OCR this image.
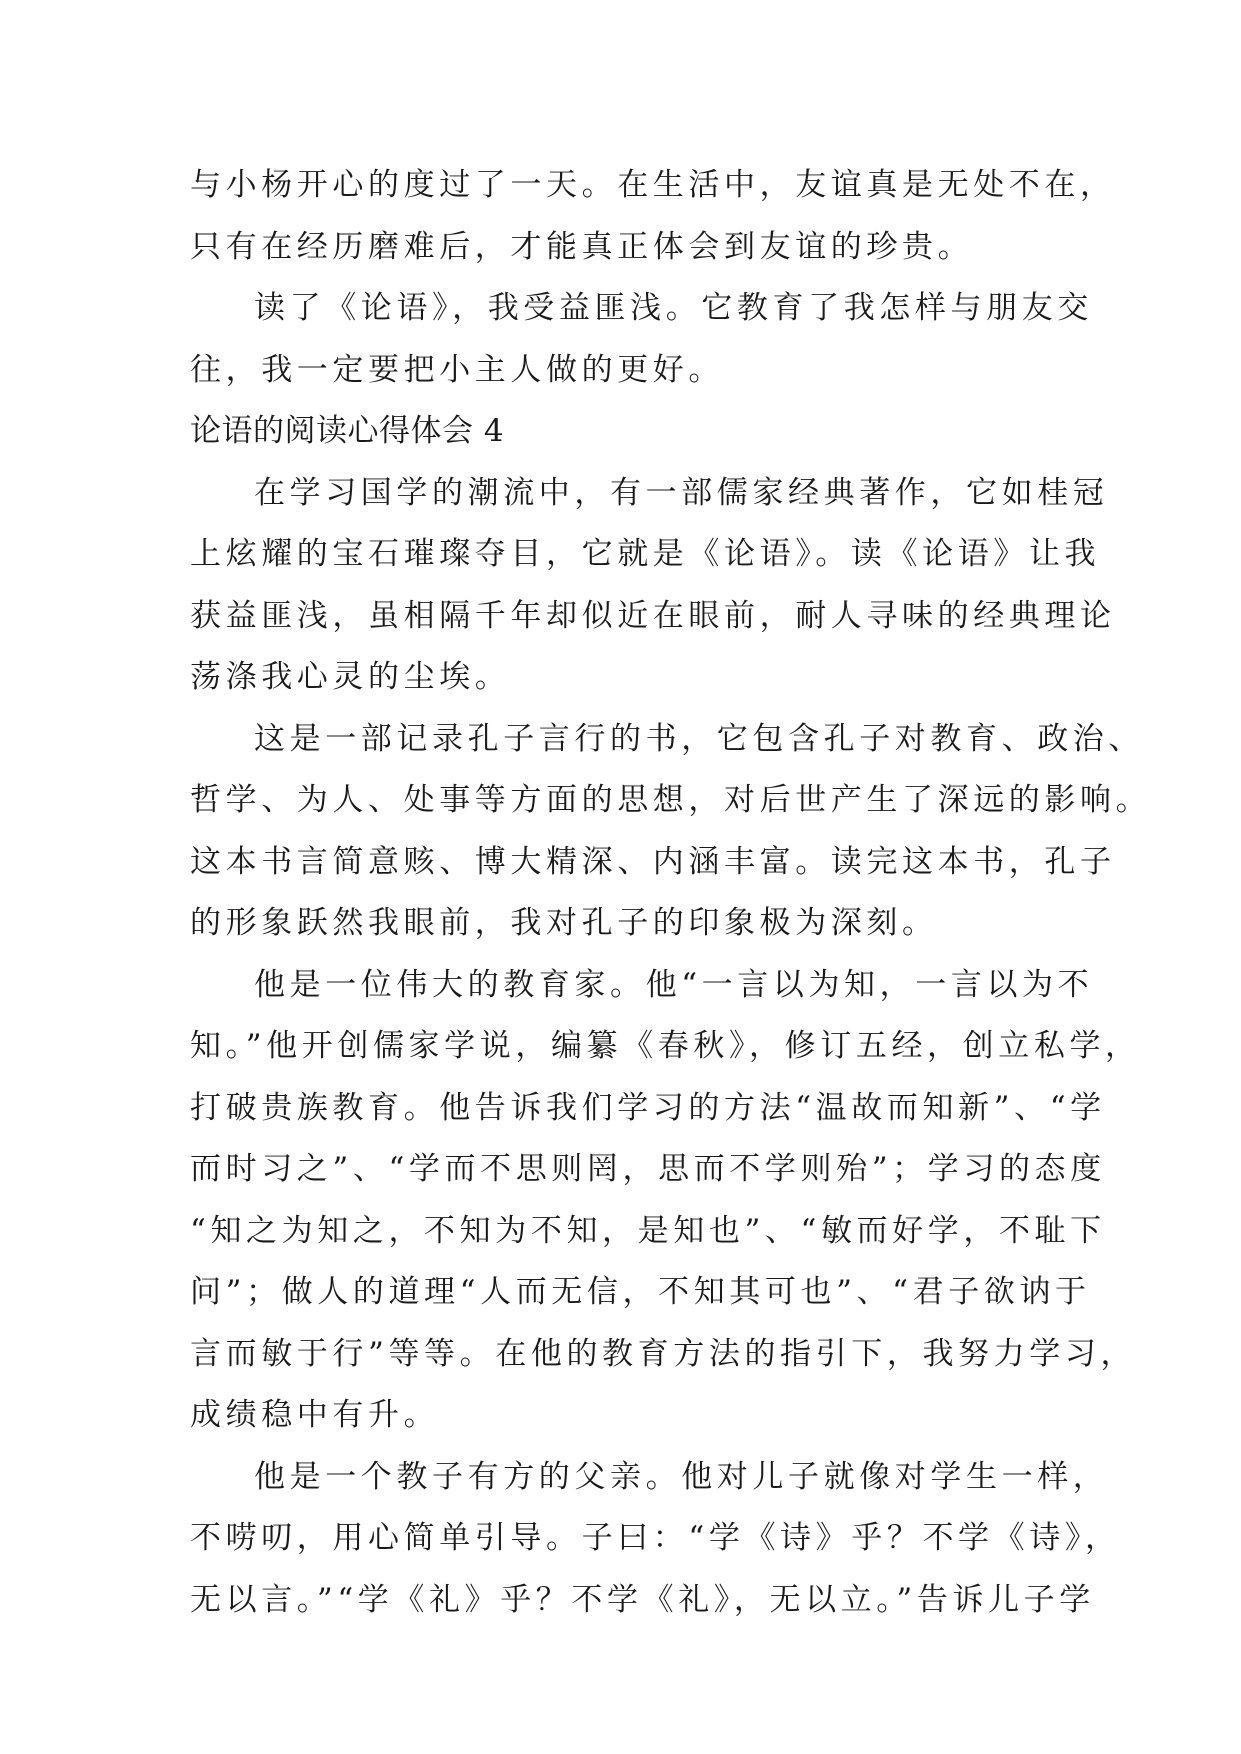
与小杨开心的度过了一天。在生活中，友谊真是无处不在，
只有在经历磨难后，才能真正体会到友谊的珍贵。
读了《论语》，我受益匪浅。它教育了我怎样与朋友交
往，我一定要把小主人做的更好。
论语的阅读心得体会 4
在学习国学的潮流中，有一部儒家经典著作，它如桂冠
上炫耀的宝石璀璨夺目，它就是《论语》。读《论语》让我
获益匪浅，虽相隔千年却似近在眼前，耐人寻味的经典理论
荡涤我心灵的尘埃。
这是一部记录孔子言行的书，它包含孔子对教育、政治、
哲学、为人、处事等方面的思想，对后世产生了深远的影响。
这本书言简意赅、博大精深、内涵丰富。读完这本书，孔子
的形象跃然我眼前，我对孔子的印象极为深刻。
他是一位伟大的教育家。他“一言以为知，一言以为不
知。”他开创儒家学说，编纂《春秋》，修订五经，创立私学，
打破贵族教育。他告诉我们学习的方法“温故而知新”、“学
而时习之”、“学而不思则罔，思而不学则殆”；学习的态度
“知之为知之，不知为不知，是知也”、“敏而好学，不耻下
问”；做人的道理“人而无信，不知其可也”、“君子欲讷于
言而敏于行”等等。在他的教育方法的指引下，我努力学习，
成绩稳中有升。
他是一个教子有方的父亲。他对儿子就像对学生一样，
不唠叨，用心简单引导。子曰：“学《诗》乎？不学《诗》，
无以言。”“学《礼》乎？不学《礼》，无以立。”告诉儿子学
